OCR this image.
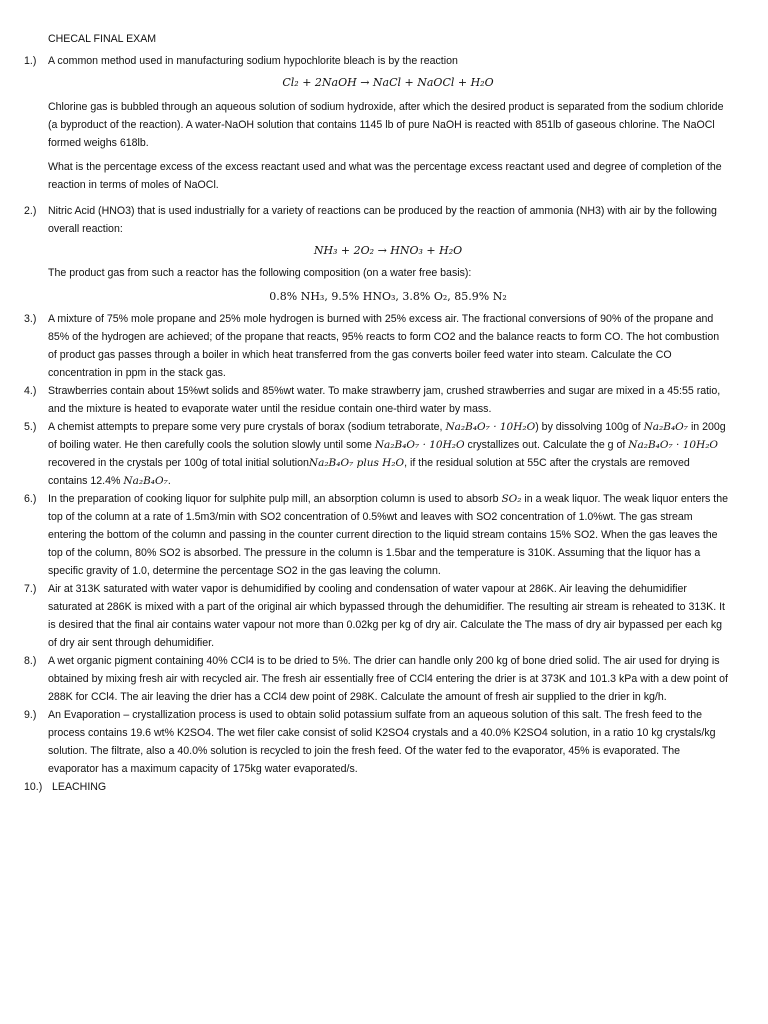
CHECAL FINAL EXAM
1.)	A common method used in manufacturing sodium hypochlorite bleach is by the reaction
Cl₂ + 2NaOH → NaCl + NaOCl + H₂O
Chlorine gas is bubbled through an aqueous solution of sodium hydroxide, after which the desired product is separated from the sodium chloride (a byproduct of the reaction). A water-NaOH solution that contains 1145 lb of pure NaOH is reacted with 851lb of gaseous chlorine. The NaOCl formed weighs 618lb.
What is the percentage excess of the excess reactant used and what was the percentage excess reactant used and degree of completion of the reaction in terms of moles of NaOCl.
2.)	Nitric Acid (HNO3) that is used industrially for a variety of reactions can be produced by the reaction of ammonia (NH3) with air by the following overall reaction:
NH₃ + 2O₂ → HNO₃ + H₂O
The product gas from such a reactor has the following composition (on a water free basis):
0.8% NH₃, 9.5% HNO₃, 3.8% O₂, 85.9% N₂
3.)	A mixture of 75% mole propane and 25% mole hydrogen is burned with 25% excess air. The fractional conversions of 90% of the propane and 85% of the hydrogen are achieved; of the propane that reacts, 95% reacts to form CO2 and the balance reacts to form CO. The hot combustion of product gas passes through a boiler in which heat transferred from the gas converts boiler feed water into steam. Calculate the CO concentration in ppm in the stack gas.
4.)	Strawberries contain about 15%wt solids and 85%wt water. To make strawberry jam, crushed strawberries and sugar are mixed in a 45:55 ratio, and the mixture is heated to evaporate water until the residue contain one-third water by mass.
5.)	A chemist attempts to prepare some very pure crystals of borax (sodium tetraborate, Na₂B₄O₇ · 10H₂O) by dissolving 100g of Na₂B₄O₇ in 200g of boiling water. He then carefully cools the solution slowly until some Na₂B₄O₇ · 10H₂O crystallizes out. Calculate the g of Na₂B₄O₇ · 10H₂O recovered in the crystals per 100g of total initial solutionNa₂B₄O₇ plus H₂O, if the residual solution at 55C after the crystals are removed contains 12.4% Na₂B₄O₇.
6.)	In the preparation of cooking liquor for sulphite pulp mill, an absorption column is used to absorb SO₂ in a weak liquor. The weak liquor enters the top of the column at a rate of 1.5m3/min with SO2 concentration of 0.5%wt and leaves with SO2 concentration of 1.0%wt. The gas stream entering the bottom of the column and passing in the counter current direction to the liquid stream contains 15% SO2. When the gas leaves the top of the column, 80% SO2 is absorbed. The pressure in the column is 1.5bar and the temperature is 310K. Assuming that the liquor has a specific gravity of 1.0, determine the percentage SO2 in the gas leaving the column.
7.)	Air at 313K saturated with water vapor is dehumidified by cooling and condensation of water vapour at 286K. Air leaving the dehumidifier saturated at 286K is mixed with a part of the original air which bypassed through the dehumidifier. The resulting air stream is reheated to 313K. It is desired that the final air contains water vapour not more than 0.02kg per kg of dry air. Calculate the The mass of dry air bypassed per each kg of dry air sent through dehumidifier.
8.)	A wet organic pigment containing 40% CCl4 is to be dried to 5%. The drier can handle only 200 kg of bone dried solid. The air used for drying is obtained by mixing fresh air with recycled air. The fresh air essentially free of CCl4 entering the drier is at 373K and 101.3 kPa with a dew point of 288K for CCl4. The air leaving the drier has a CCl4 dew point of 298K. Calculate the amount of fresh air supplied to the drier in kg/h.
9.)	An Evaporation – crystallization process is used to obtain solid potassium sulfate from an aqueous solution of this salt. The fresh feed to the process contains 19.6 wt% K2SO4. The wet filer cake consist of solid K2SO4 crystals and a 40.0% K2SO4 solution, in a ratio 10 kg crystals/kg solution. The filtrate, also a 40.0% solution is recycled to join the fresh feed. Of the water fed to the evaporator, 45% is evaporated. The evaporator has a maximum capacity of 175kg water evaporated/s.
10.) LEACHING
